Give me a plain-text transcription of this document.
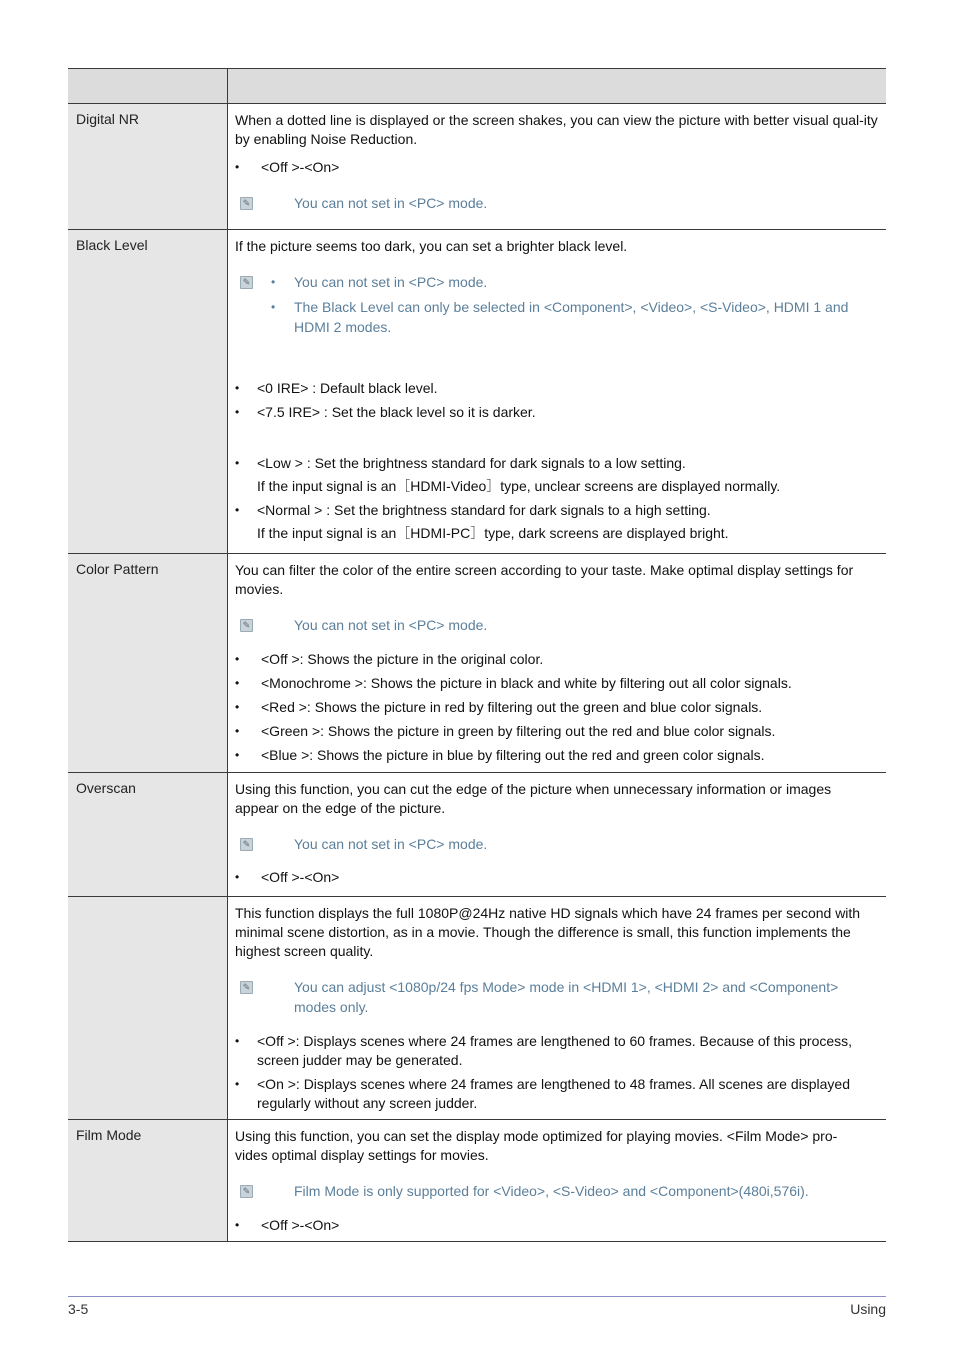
Digital NR	When a dotted line is displayed or the screen shakes, you can view the picture with better visual qual-ity by enabling Noise Reduction.

• <Off >-<On>

✎	You can not set in <PC> mode.
Black Level	If the picture seems too dark, you can set a brighter black level.

✎
•	You can not set in <PC> mode.
• The Black Level can only be selected in <Component>, <Video>, <S-Video>, HDMI 1 and HDMI 2 modes.

• <0 IRE> : Default black level.

• <7.5 IRE> : Set the black level so it is darker.

• <Low > : Set the brightness standard for dark signals to a low setting.

If the input signal is an［HDMI-Video］type, unclear screens are displayed normally.

• <Normal > : Set the brightness standard for dark signals to a high setting.

If the input signal is an［HDMI-PC］type, dark screens are displayed bright.

Color Pattern	You can filter the color of the entire screen according to your taste. Make optimal display settings for movies.

✎	You can not set in <PC> mode.

• <Off >: Shows the picture in the original color.

• <Monochrome >: Shows the picture in black and white by filtering out all color signals.

• <Red >: Shows the picture in red by filtering out the green and blue color signals.

• <Green >: Shows the picture in green by filtering out the red and blue color signals.

• <Blue >: Shows the picture in blue by filtering out the red and green color signals.

Overscan	Using this function, you can cut the edge of the picture when unnecessary information or images appear on the edge of the picture.

✎	You can not set in <PC> mode.

• <Off >-<On>

This function displays the full 1080P@24Hz native HD signals which have 24 frames per second with minimal scene distortion, as in a movie. Though the difference is small, this function implements the highest screen quality.

✎	You can adjust <1080p/24 fps Mode> mode in <HDMI 1>, <HDMI 2> and <Component> modes only.

• <Off >: Displays scenes where 24 frames are lengthened to 60 frames. Because of this process, screen judder may be generated.

• <On >: Displays scenes where 24 frames are lengthened to 48 frames. All scenes are displayed regularly without any screen judder.

Film Mode	Using this function, you can set the display mode optimized for playing movies. <Film Mode> pro-vides optimal display settings for movies.

✎	Film Mode is only supported for <Video>, <S-Video> and <Component>(480i,576i).

• <Off >-<On>

3-5	Using
